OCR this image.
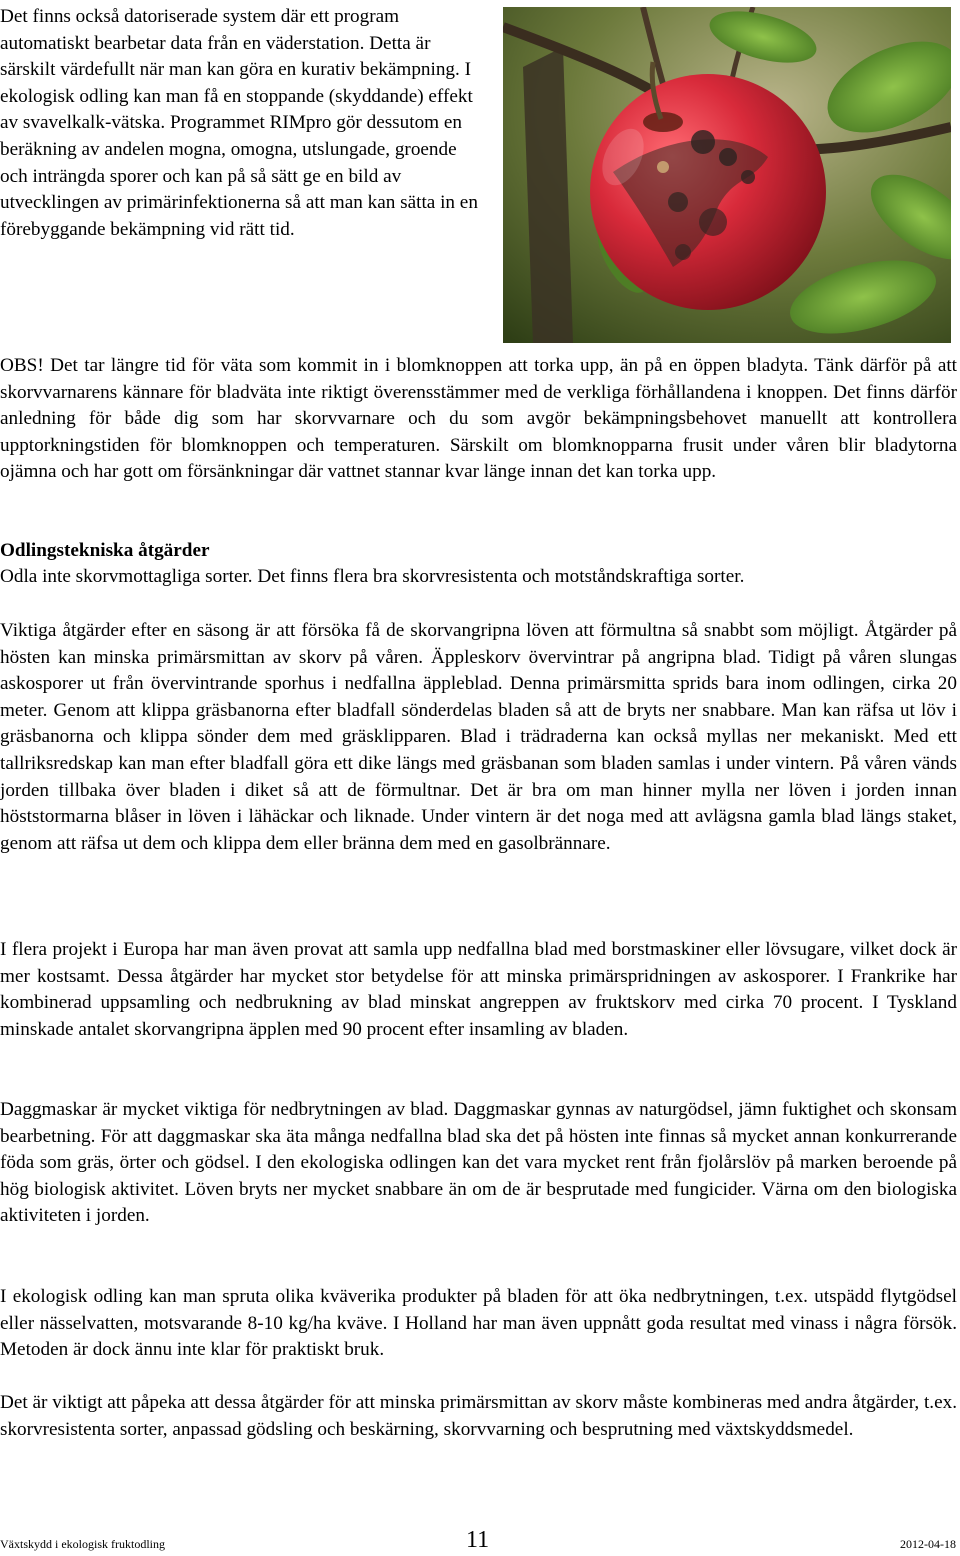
Det finns också datoriserade system där ett program automatiskt bearbetar data från en väderstation. Detta är särskilt värdefullt när man kan göra en kurativ bekämpning. I ekologisk odling kan man få en stoppande (skyddande) effekt av svavelkalk-vätska. Programmet RIMpro gör dessutom en beräkning av andelen mogna, omogna, utslungade, groende och inträngda sporer och kan på så sätt ge en bild av utvecklingen av primärinfektionerna så att man kan sätta in en förebyggande bekämpning vid rätt tid.

OBS! Det tar längre tid för väta som kommit in i blomknoppen att torka upp, än på en öppen bladyta. Tänk därför på att skorvvarnarens kännare för bladväta inte riktigt överensstämmer med de verkliga förhållandena i knoppen. Det finns därför anledning för både dig som har skorvvarnare och du som avgör bekämpningsbehovet manuellt att kontrollera upptorkningstiden för blomknoppen och temperaturen. Särskilt om blomknopparna frusit under våren blir bladytorna ojämna och har gott om försänkningar där vattnet stannar kvar länge innan det kan torka upp.

Odlingstekniska åtgärder

Odla inte skorvmottagliga sorter. Det finns flera bra skorvresistenta och motståndskraftiga sorter.

Viktiga åtgärder efter en säsong är att försöka få de skorvangripna löven att förmultna så snabbt som möjligt. Åtgärder på hösten kan minska primärsmittan av skorv på våren. Äppleskorv övervintrar på angripna blad. Tidigt på våren slungas askosporer ut från övervintrande sporhus i nedfallna äppleblad. Denna primärsmitta sprids bara inom odlingen, cirka 20 meter. Genom att klippa gräsbanorna efter bladfall sönderdelas bladen så att de bryts ner snabbare. Man kan räfsa ut löv i gräsbanorna och klippa sönder dem med gräsklipparen. Blad i trädraderna kan också myllas ner mekaniskt. Med ett tallriksredskap kan man efter bladfall göra ett dike längs med gräsbanan som bladen samlas i under vintern. På våren vänds jorden tillbaka över bladen i diket så att de förmultnar. Det är bra om man hinner mylla ner löven i jorden innan höststormarna blåser in löven i lähäckar och liknade. Under vintern är det noga med att avlägsna gamla blad längs staket, genom att räfsa ut dem och klippa dem eller bränna dem med en gasolbrännare.

I flera projekt i Europa har man även provat att samla upp nedfallna blad med borstmaskiner eller lövsugare, vilket dock är mer kostsamt. Dessa åtgärder har mycket stor betydelse för att minska primärspridningen av askosporer. I Frankrike har kombinerad uppsamling och nedbrukning av blad minskat angreppen av fruktskorv med cirka 70 procent. I Tyskland minskade antalet skorvangripna äpplen med 90 procent efter insamling av bladen.

Daggmaskar är mycket viktiga för nedbrytningen av blad. Daggmaskar gynnas av naturgödsel, jämn fuktighet och skonsam bearbetning. För att daggmaskar ska äta många nedfallna blad ska det på hösten inte finnas så mycket annan konkurrerande föda som gräs, örter och gödsel. I den ekologiska odlingen kan det vara mycket rent från fjolårslöv på marken beroende på hög biologisk aktivitet. Löven bryts ner mycket snabbare än om de är besprutade med fungicider. Värna om den biologiska aktiviteten i jorden.

I ekologisk odling kan man spruta olika kväverika produkter på bladen för att öka nedbrytningen, t.ex. utspädd flytgödsel eller nässelvatten, motsvarande 8-10 kg/ha kväve. I Holland har man även uppnått goda resultat med vinass i några försök. Metoden är dock ännu inte klar för praktiskt bruk.

Det är viktigt att påpeka att dessa åtgärder för att minska primärsmittan av skorv måste kombineras med andra åtgärder, t.ex. skorvresistenta sorter, anpassad gödsling och beskärning, skorvvarning och besprutning med växtskyddsmedel.

Växtskydd i ekologisk fruktodling	11	2012-04-18
